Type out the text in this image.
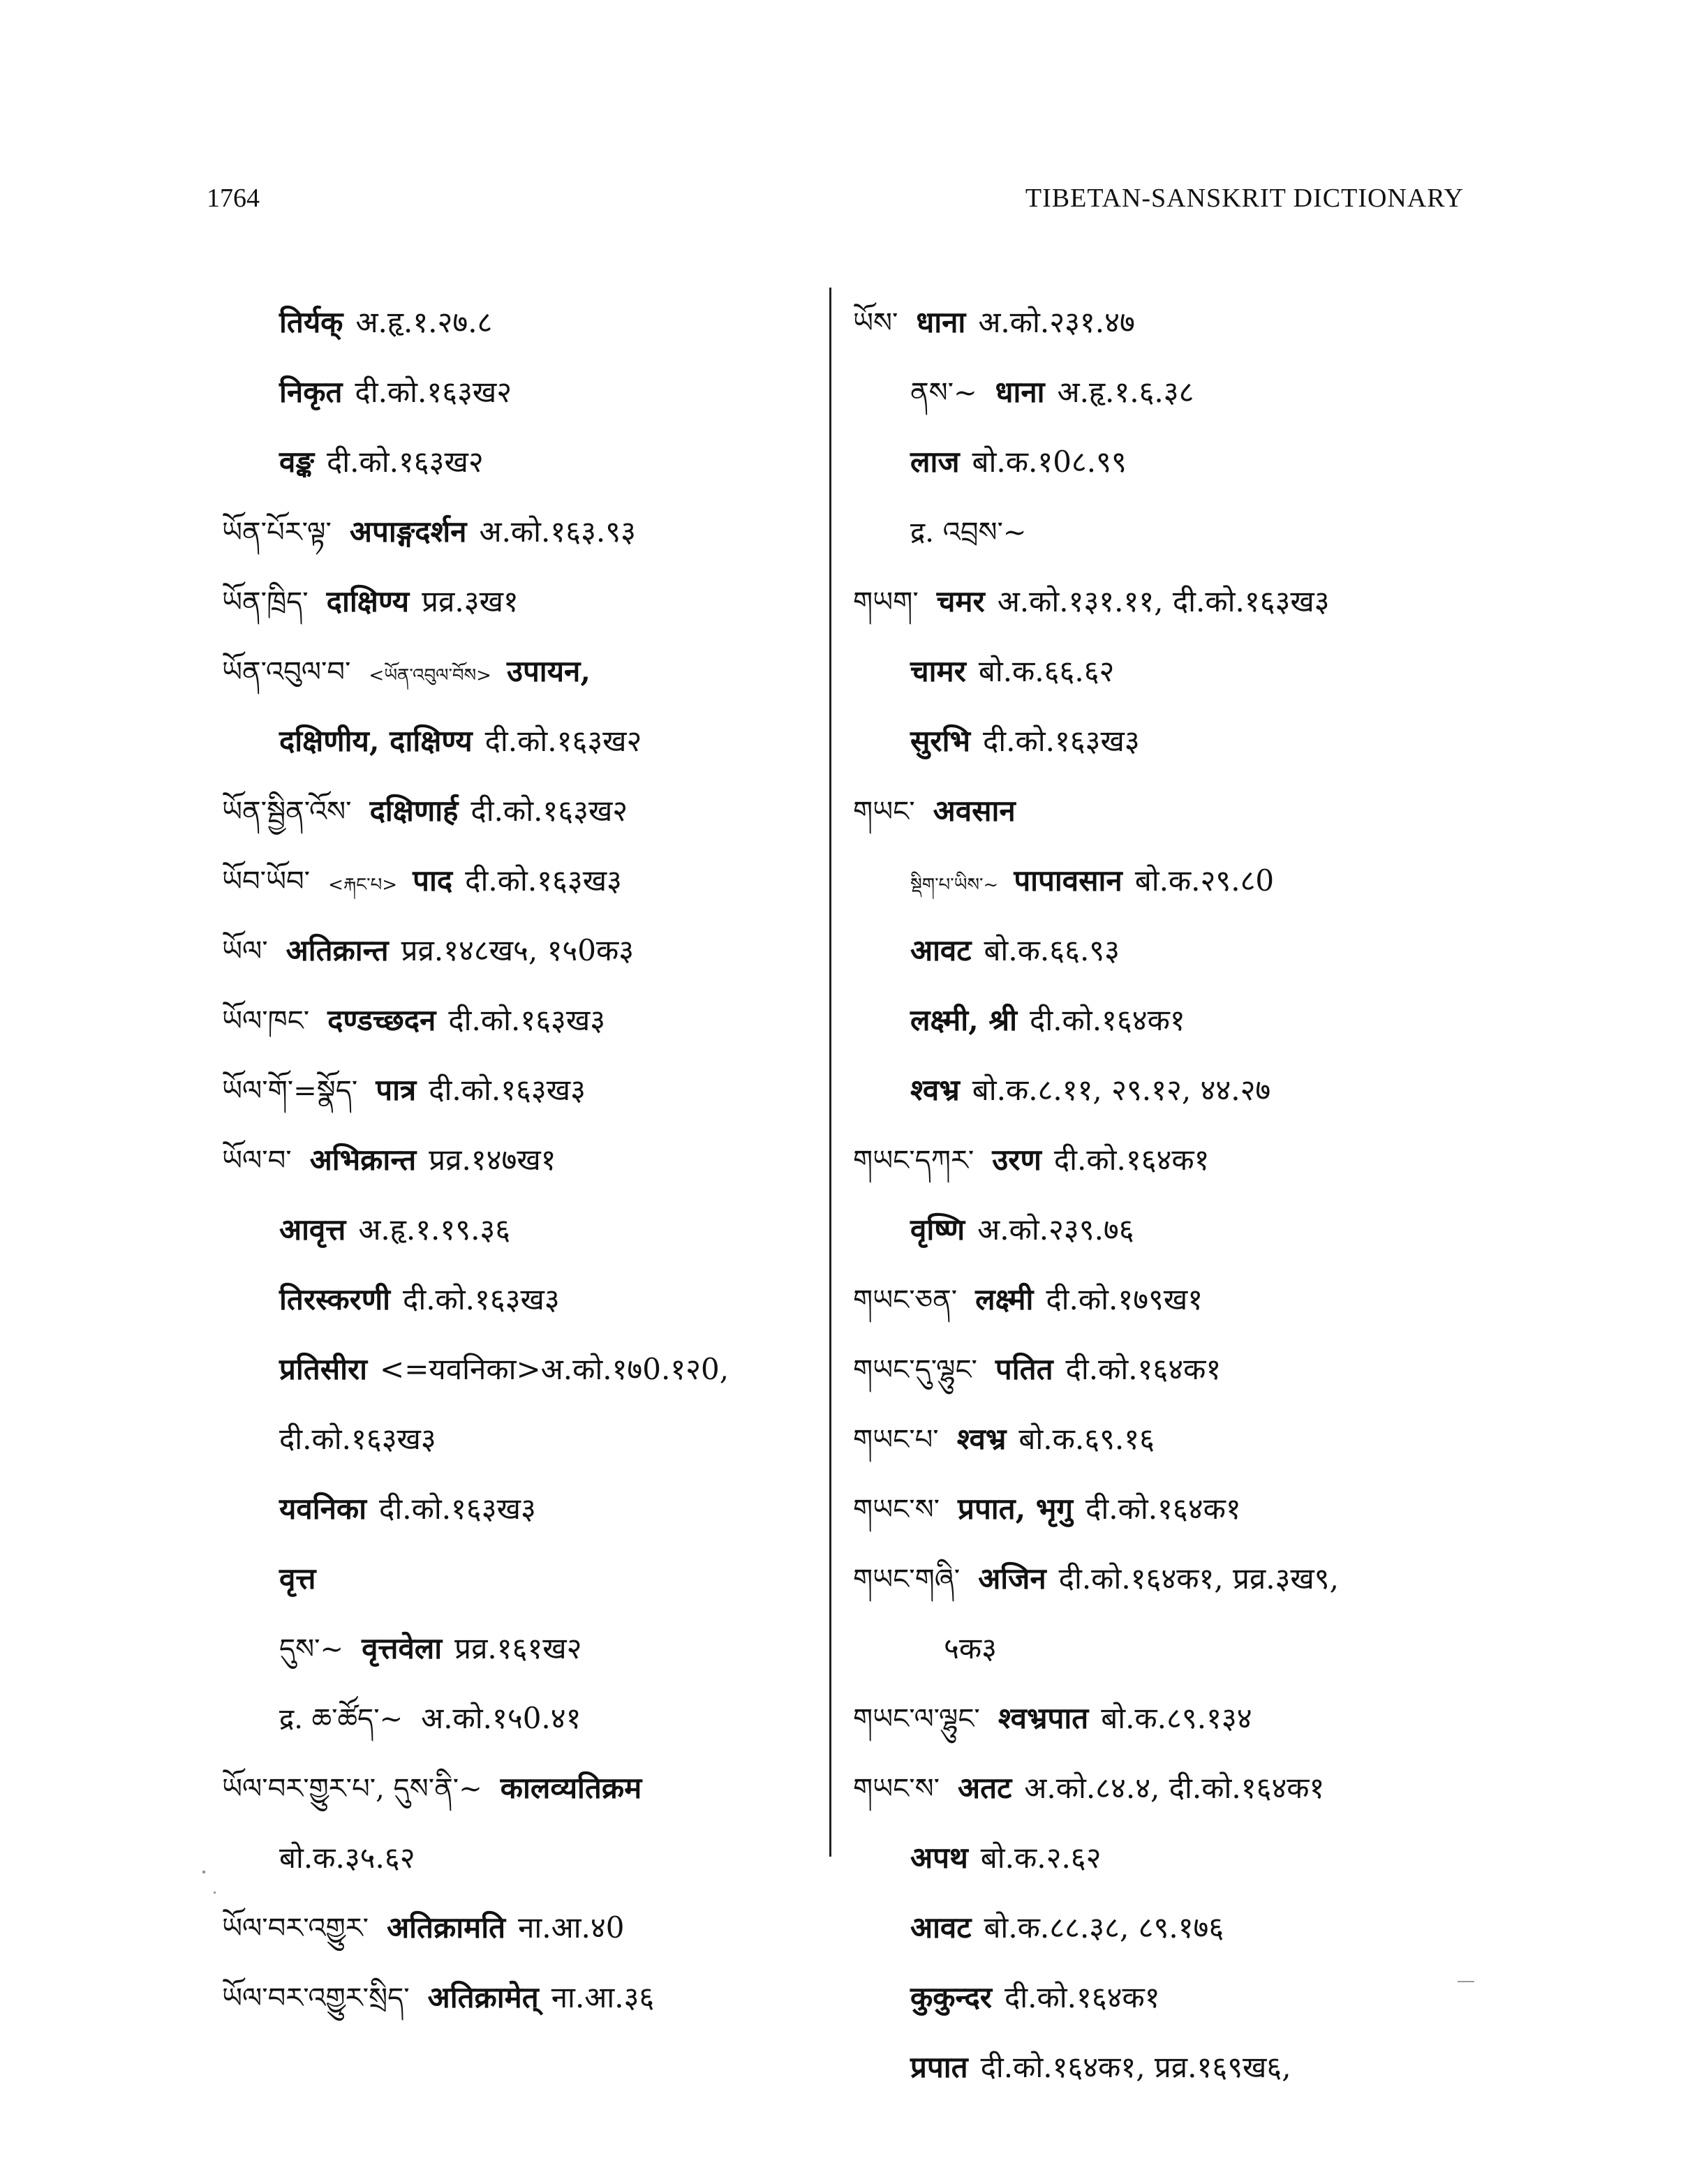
1764	TIBETAN-SANSKRIT DICTIONARY
तिर्यक् अ.हृ.१.२७.८
निकृत दी.को.१६३ख२
वङ्क दी.को.१६३ख२
ཡོན་པོར་ལྟ་ अपाङ्गदर्शन अ.को.१६३.९३
ཡོན་ཁྲིད་ दाक्षिण्य प्रव्र.३ख१
ཡོན་འབུལ་བ་ <ཡོན་འབུལ་བོས> उपायन,
दक्षिणीय, दाक्षिण्य दी.को.१६३ख२
ཡོན་སྦྱིན་འོས་ दक्षिणार्ह दी.को.१६३ख२
ཡོབ་ཡོབ་ <རྐང་པ> पाद दी.को.१६३ख३
ཡོལ་ अतिक्रान्त प्रव्र.१४८ख५, १५0क३
ཡོལ་ཁང་ दण्डच्छदन दी.को.१६३ख३
ཡོལ་གོ་=སྣོད་ पात्र दी.को.१६३ख३
ཡོལ་བ་ अभिक्रान्त प्रव्र.१४७ख१
आवृत्त अ.हृ.१.१९.३६
तिरस्करणी दी.को.१६३ख३
प्रतिसीरा <=यवनिका>अ.को.१७0.१२0,
दी.को.१६३ख३
यवनिका दी.को.१६३ख३
वृत्त
དུས་~ वृत्तवेला प्रव्र.१६१ख२
द्र. ཆ་ཚོད་~ अ.को.१५0.४१
ཡོལ་བར་གྱུར་པ་, དུས་ནི་~ कालव्यतिक्रम
बो.क.३५.६२
ཡོལ་བར་འགྱུར་ अतिक्रामति ना.आ.४0
ཡོལ་བར་འགྱུར་སྲིད་ अतिक्रामेत् ना.आ.३६
ཡོས་ धाना अ.को.२३१.४७
ནས་~ धाना अ.हृ.१.६.३८
लाज बो.क.१0८.९९
द्र. འབྲས་~
གཡག་ चमर अ.को.१३१.११, दी.को.१६३ख३
चामर बो.क.६६.६२
सुरभि दी.को.१६३ख३
གཡང་ अवसान
སྡིག་པ་ཡིས་~ पापावसान बो.क.२९.८0
आवट बो.क.६६.९३
लक्ष्मी, श्री दी.को.१६४क१
श्वभ्र बो.क.८.११, २९.१२, ४४.२७
གཡང་དཀར་ उरण दी.को.१६४क१
वृष्णि अ.को.२३९.७६
གཡང་ཅན་ लक्ष्मी दी.को.१७९ख१
གཡང་དུ་ལྷུང་ पतित दी.को.१६४क१
གཡང་པ་ श्वभ्र बो.क.६९.१६
གཡང་ས་ प्रपात, भृगु दी.को.१६४क१
གཡང་གཞི་ अजिन दी.को.१६४क१, प्रव्र.३ख९,
५क३
གཡང་ལ་ལྷུང་ श्वभ्रपात बो.क.८९.१३४
གཡང་ས་ अतट अ.को.८४.४, दी.को.१६४क१
अपथ बो.क.२.६२
आवट बो.क.८८.३८, ८९.१७६
कुकुन्दर दी.को.१६४क१
प्रपात दी.को.१६४क१, प्रव्र.१६९ख६,
